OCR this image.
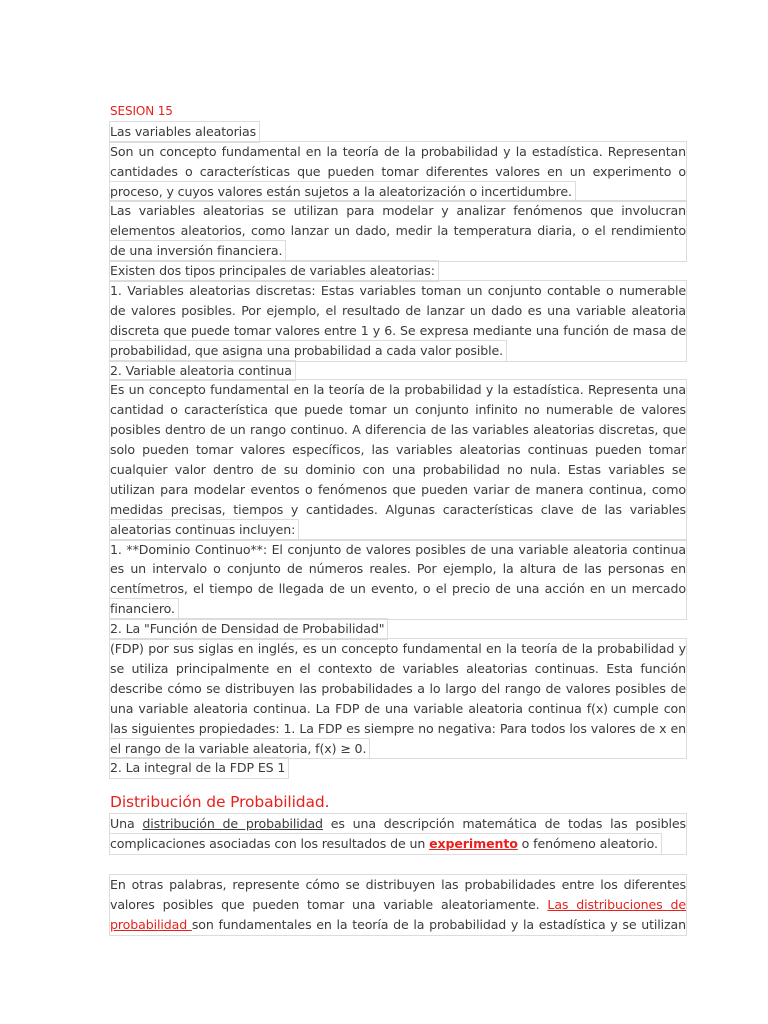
SESION 15
Las variables aleatorias
Son un concepto fundamental en la teoría de la probabilidad y la estadística. Representan
cantidades o características que pueden tomar diferentes valores en un experimento o
proceso, y cuyos valores están sujetos a la aleatorización o incertidumbre.
Las variables aleatorias se utilizan para modelar y analizar fenómenos que involucran
elementos aleatorios, como lanzar un dado, medir la temperatura diaria, o el rendimiento
de una inversión financiera.
Existen dos tipos principales de variables aleatorias:
1. Variables aleatorias discretas: Estas variables toman un conjunto contable o numerable
de valores posibles. Por ejemplo, el resultado de lanzar un dado es una variable aleatoria
discreta que puede tomar valores entre 1 y 6. Se expresa mediante una función de masa de
probabilidad, que asigna una probabilidad a cada valor posible.
2. Variable aleatoria continua
Es un concepto fundamental en la teoría de la probabilidad y la estadística. Representa una
cantidad o característica que puede tomar un conjunto infinito no numerable de valores
posibles dentro de un rango continuo. A diferencia de las variables aleatorias discretas, que
solo pueden tomar valores específicos, las variables aleatorias continuas pueden tomar
cualquier valor dentro de su dominio con una probabilidad no nula. Estas variables se
utilizan para modelar eventos o fenómenos que pueden variar de manera continua, como
medidas precisas, tiempos y cantidades. Algunas características clave de las variables
aleatorias continuas incluyen:
1. **Dominio Continuo**: El conjunto de valores posibles de una variable aleatoria continua
es un intervalo o conjunto de números reales. Por ejemplo, la altura de las personas en
centímetros, el tiempo de llegada de un evento, o el precio de una acción en un mercado
financiero.
2. La "Función de Densidad de Probabilidad"
(FDP) por sus siglas en inglés, es un concepto fundamental en la teoría de la probabilidad y
se utiliza principalmente en el contexto de variables aleatorias continuas. Esta función
describe cómo se distribuyen las probabilidades a lo largo del rango de valores posibles de
una variable aleatoria continua. La FDP de una variable aleatoria continua f(x) cumple con
las siguientes propiedades: 1. La FDP es siempre no negativa: Para todos los valores de x en
el rango de la variable aleatoria, f(x) ≥ 0.
2. La integral de la FDP ES 1
Distribución de Probabilidad.
Una distribución de probabilidad es una descripción matemática de todas las posibles
complicaciones asociadas con los resultados de un experimento o fenómeno aleatorio.
En otras palabras, represente cómo se distribuyen las probabilidades entre los diferentes
valores posibles que pueden tomar una variable aleatoriamente. Las distribuciones de
probabilidad son fundamentales en la teoría de la probabilidad y la estadística y se utilizan
